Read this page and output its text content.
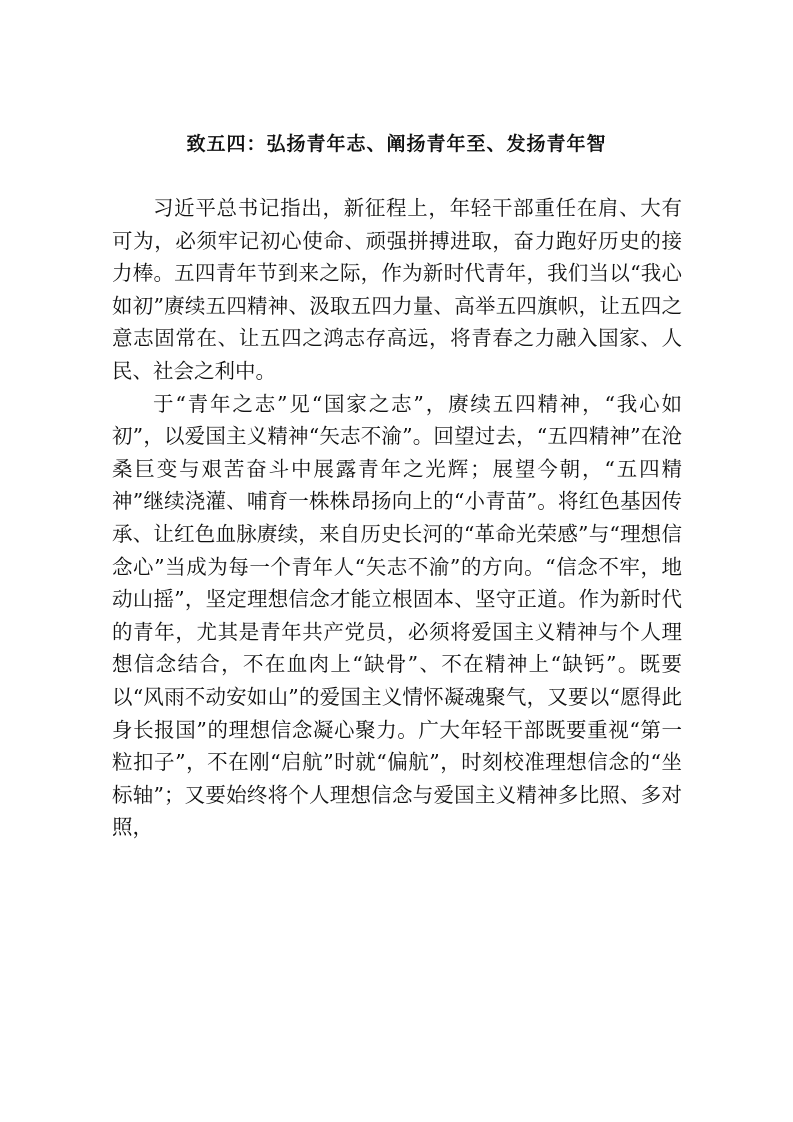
致五四：弘扬青年志、阐扬青年至、发扬青年智

习近平总书记指出，新征程上，年轻干部重任在肩、大有可为，必须牢记初心使命、顽强拼搏进取，奋力跑好历史的接力棒。五四青年节到来之际，作为新时代青年，我们当以“我心如初”赓续五四精神、汲取五四力量、高举五四旗帜，让五四之意志固常在、让五四之鸿志存高远，将青春之力融入国家、人民、社会之利中。

于“青年之志”见“国家之志”，赓续五四精神，“我心如初”，以爱国主义精神“矢志不渝”。回望过去，“五四精神”在沧桑巨变与艰苦奋斗中展露青年之光辉；展望今朝，“五四精神”继续浇灌、哺育一株株昂扬向上的“小青苗”。将红色基因传承、让红色血脉赓续，来自历史长河的“革命光荣感”与“理想信念心”当成为每一个青年人“矢志不渝”的方向。“信念不牢，地动山摇”，坚定理想信念才能立根固本、坚守正道。作为新时代的青年，尤其是青年共产党员，必须将爱国主义精神与个人理想信念结合，不在血肉上“缺骨”、不在精神上“缺钙”。既要以“风雨不动安如山”的爱国主义情怀凝魂聚气，又要以“愿得此身长报国”的理想信念凝心聚力。广大年轻干部既要重视“第一粒扣子”，不在刚“启航”时就“偏航”，时刻校准理想信念的“坐标轴”；又要始终将个人理想信念与爱国主义精神多比照、多对照，
